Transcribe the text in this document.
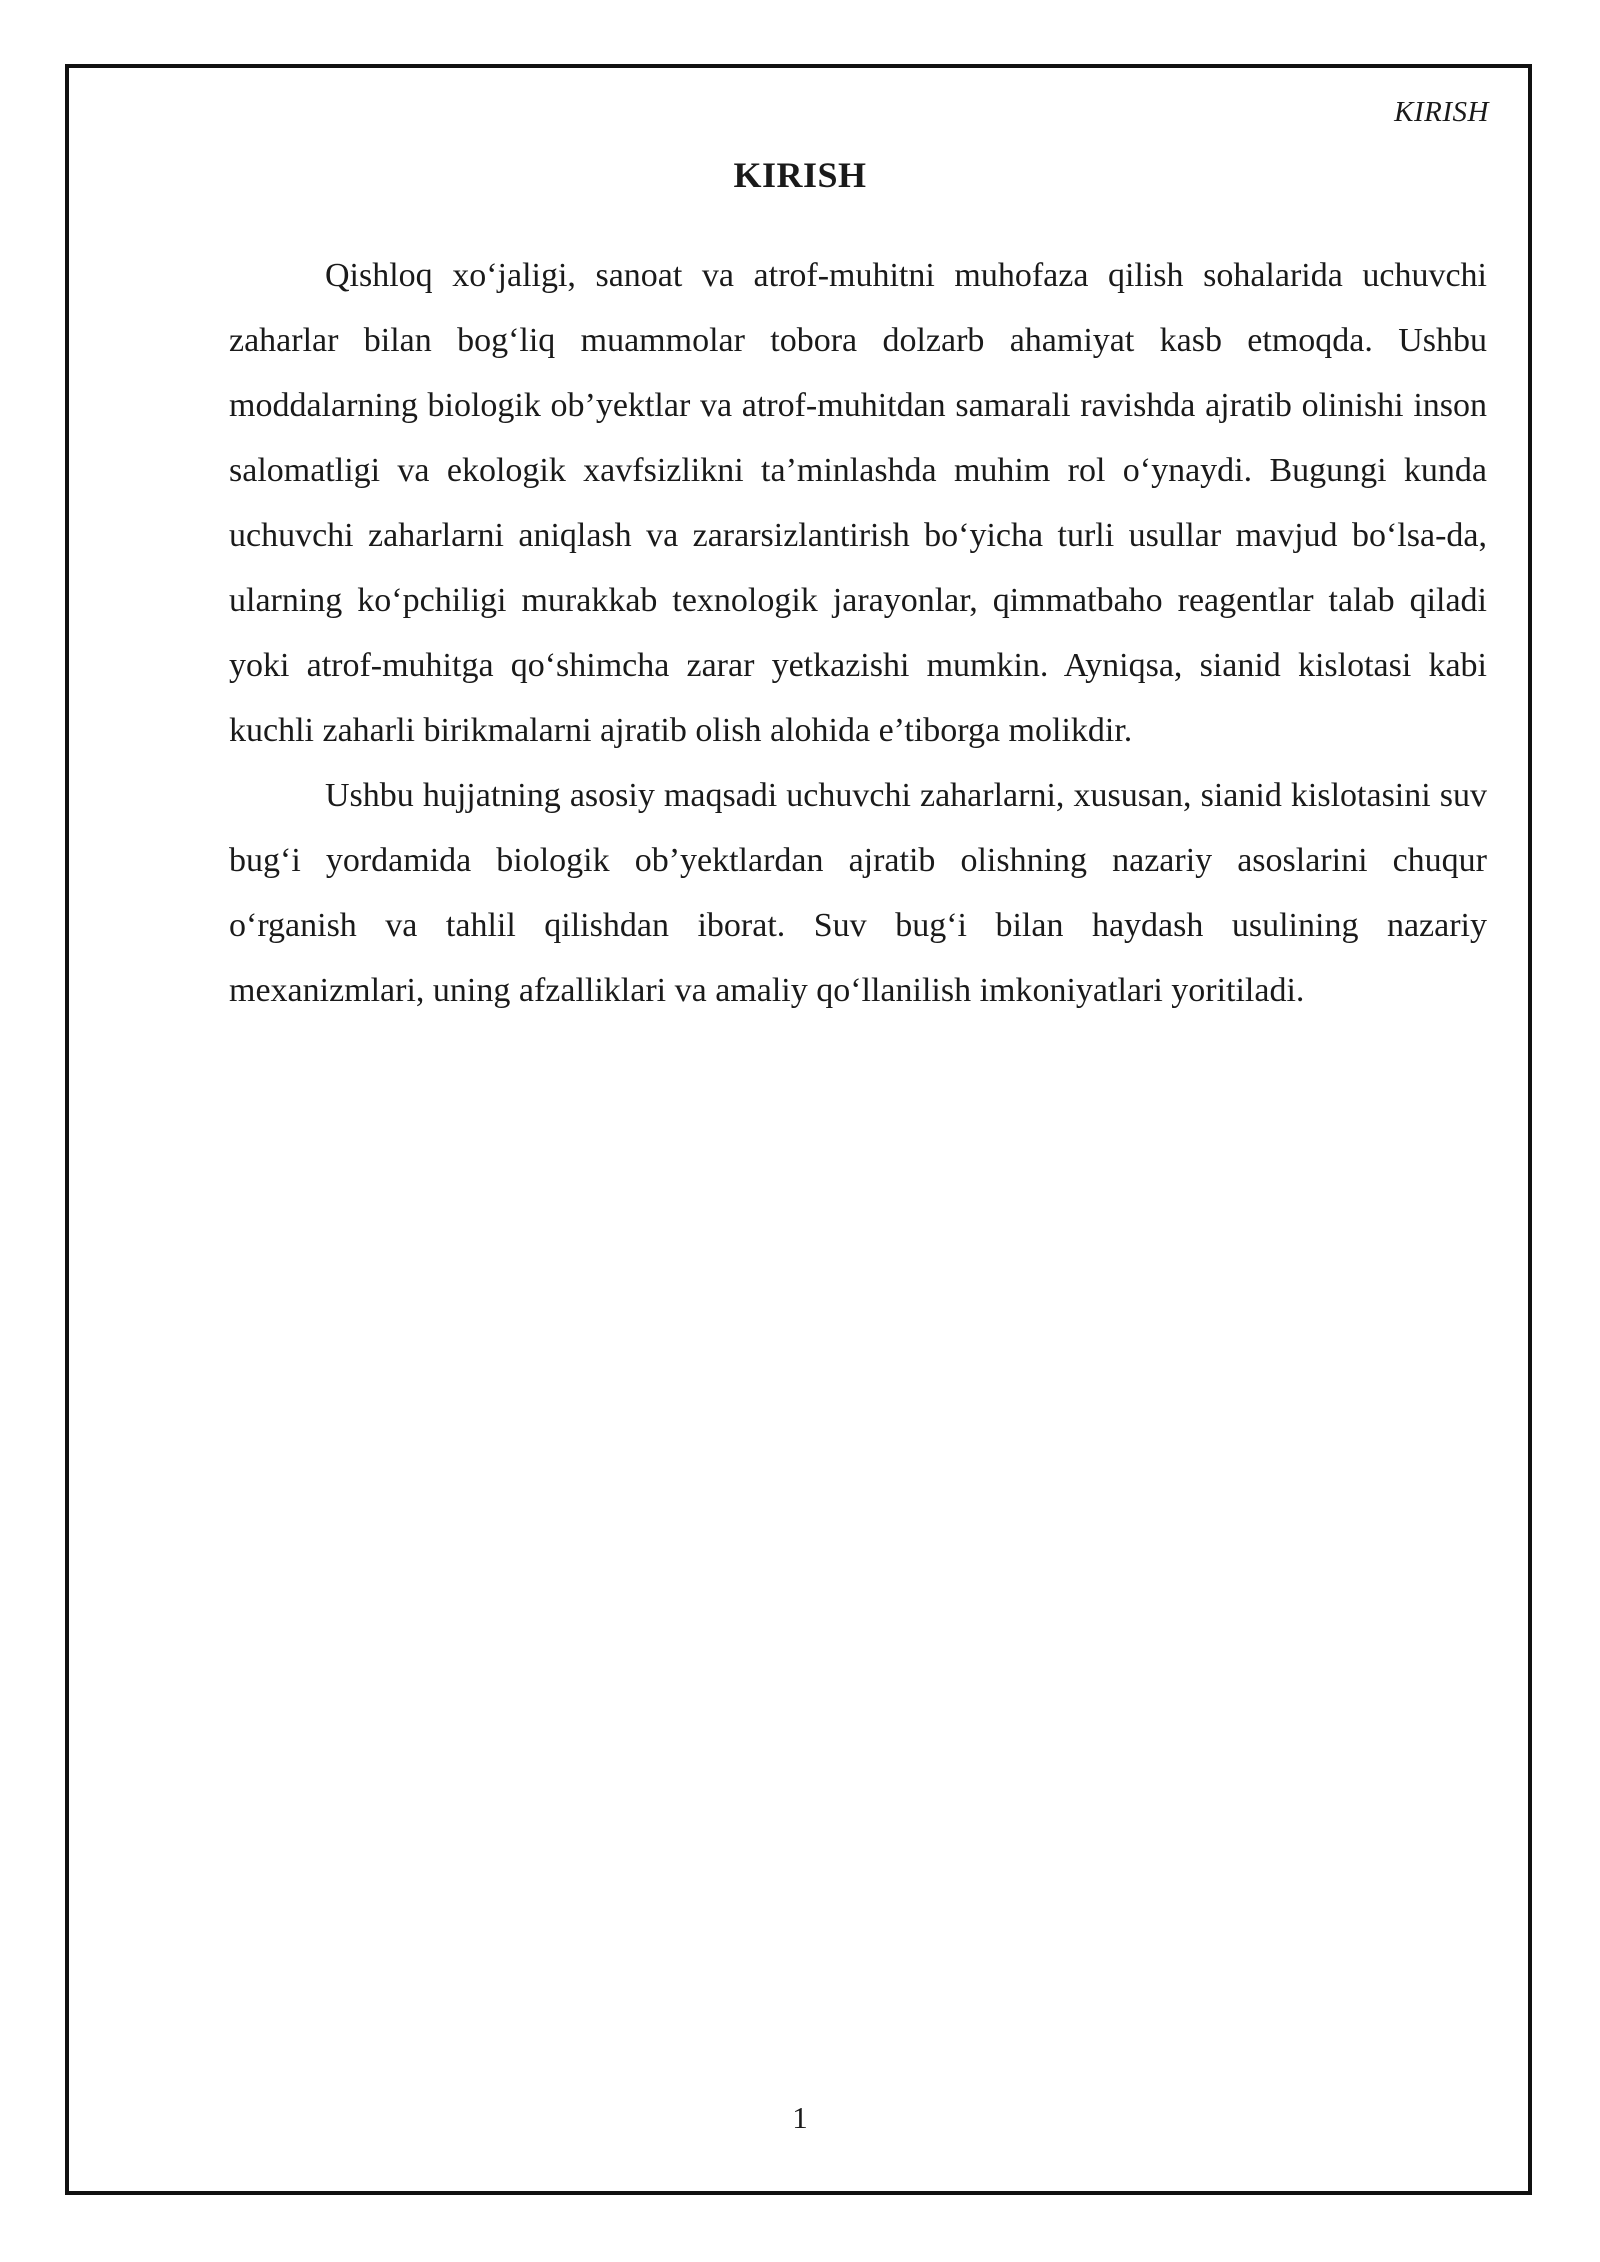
KIRISH
KIRISH

Qishloq xo‘jaligi, sanoat va atrof-muhitni muhofaza qilish sohalarida uchuvchi zaharlar bilan bog‘liq muammolar tobora dolzarb ahamiyat kasb etmoqda. Ushbu moddalarning biologik ob’yektlar va atrof-muhitdan samarali ravishda ajratib olinishi inson salomatligi va ekologik xavfsizlikni ta’minlashda muhim rol o‘ynaydi. Bugungi kunda uchuvchi zaharlarni aniqlash va zararsizlantirish bo‘yicha turli usullar mavjud bo‘lsa-da, ularning ko‘pchiligi murakkab texnologik jarayonlar, qimmatbaho reagentlar talab qiladi yoki atrof-muhitga qo‘shimcha zarar yetkazishi mumkin. Ayniqsa, sianid kislotasi kabi kuchli zaharli birikmalarni ajratib olish alohida e’tiborga molikdir.

Ushbu hujjatning asosiy maqsadi uchuvchi zaharlarni, xususan, sianid kislotasini suv bug‘i yordamida biologik ob’yektlardan ajratib olishning nazariy asoslarini chuqur o‘rganish va tahlil qilishdan iborat. Suv bug‘i bilan haydash usulining nazariy mexanizmlari, uning afzalliklari va amaliy qo‘llanilish imkoniyatlari yoritiladi.

1
